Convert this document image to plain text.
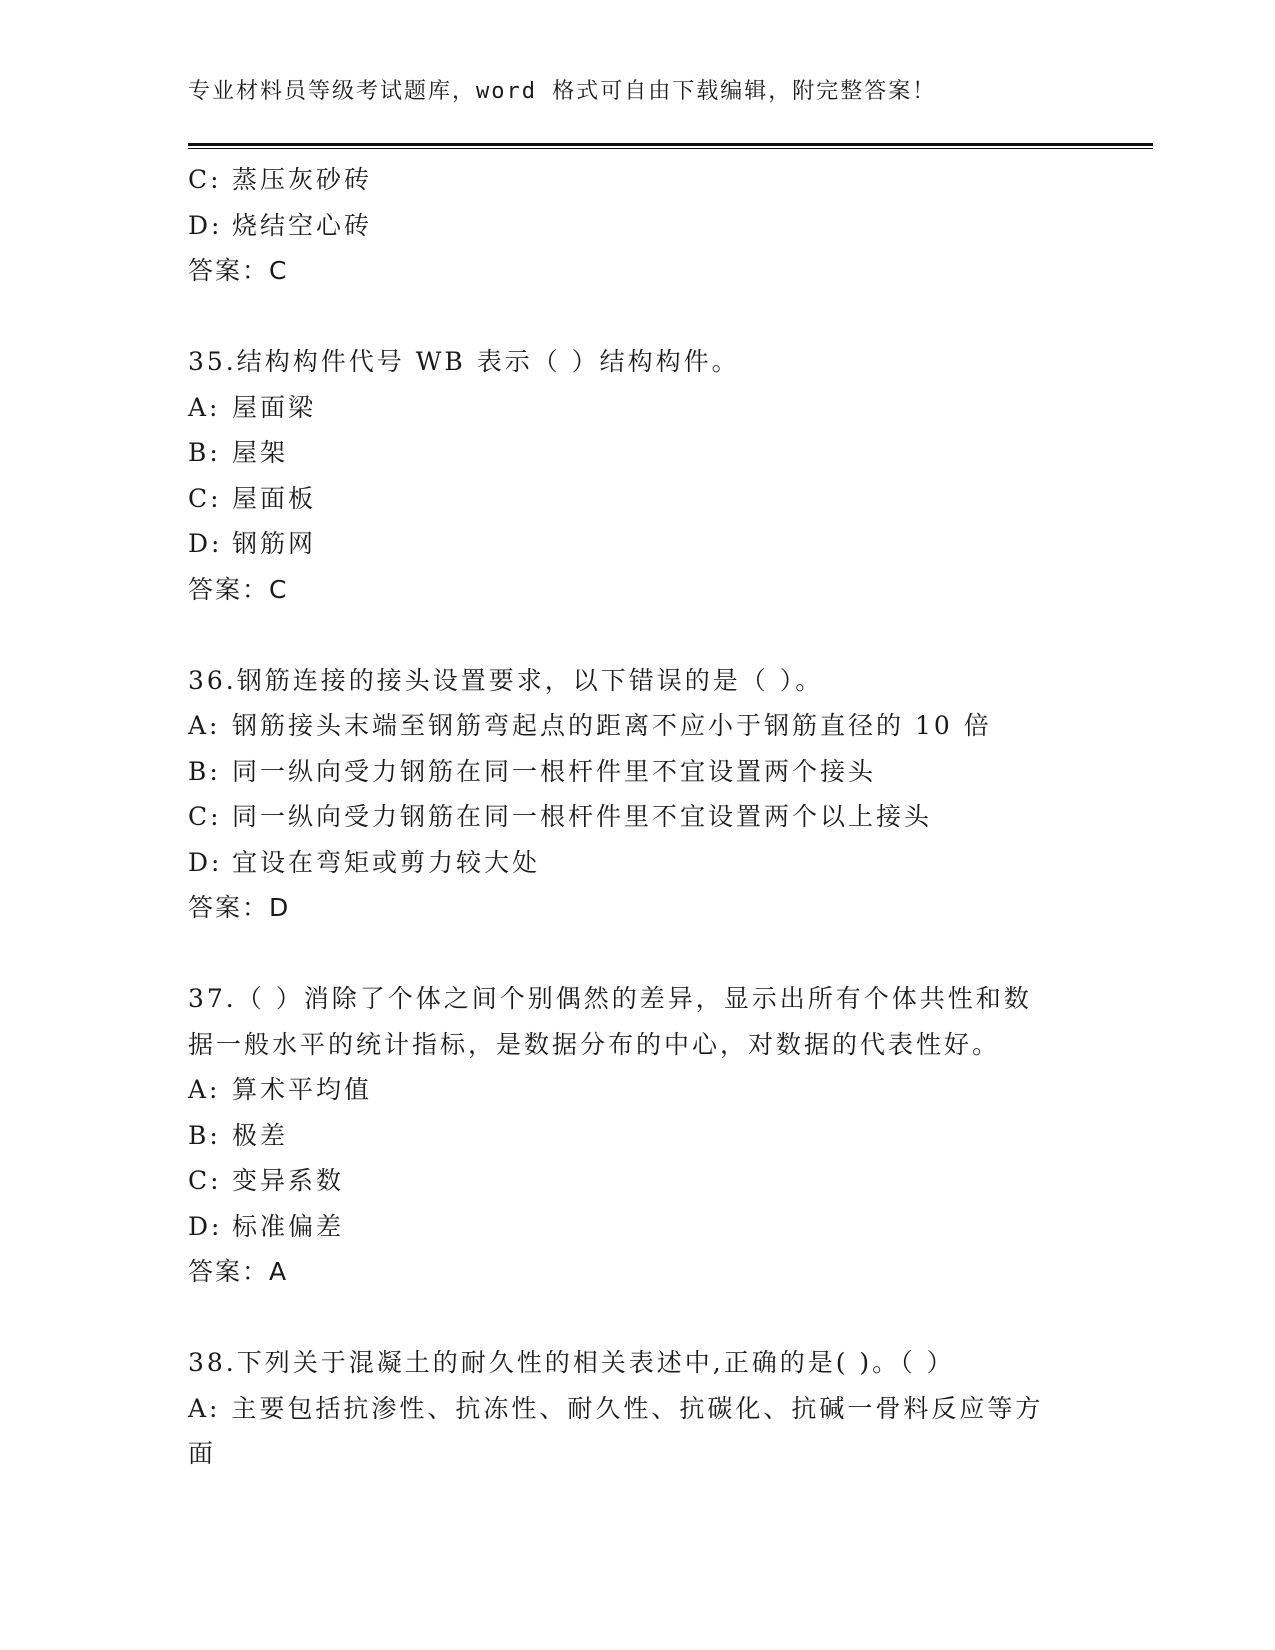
专业材料员等级考试题库，word 格式可自由下载编辑，附完整答案！
C: 蒸压灰砂砖
D: 烧结空心砖
答案：C
35.结构构件代号 WB 表示（ ）结构构件。
A: 屋面梁
B: 屋架
C: 屋面板
D: 钢筋网
答案：C
36.钢筋连接的接头设置要求，以下错误的是（ ）。
A: 钢筋接头末端至钢筋弯起点的距离不应小于钢筋直径的 10 倍
B: 同一纵向受力钢筋在同一根杆件里不宜设置两个接头
C: 同一纵向受力钢筋在同一根杆件里不宜设置两个以上接头
D: 宜设在弯矩或剪力较大处
答案：D
37.（ ）消除了个体之间个别偶然的差异，显示出所有个体共性和数
据一般水平的统计指标，是数据分布的中心，对数据的代表性好。
A: 算术平均值
B: 极差
C: 变异系数
D: 标准偏差
答案：A
38.下列关于混凝土的耐久性的相关表述中,正确的是( )。（ ）
A: 主要包括抗渗性、抗冻性、耐久性、抗碳化、抗碱一骨料反应等方
面
